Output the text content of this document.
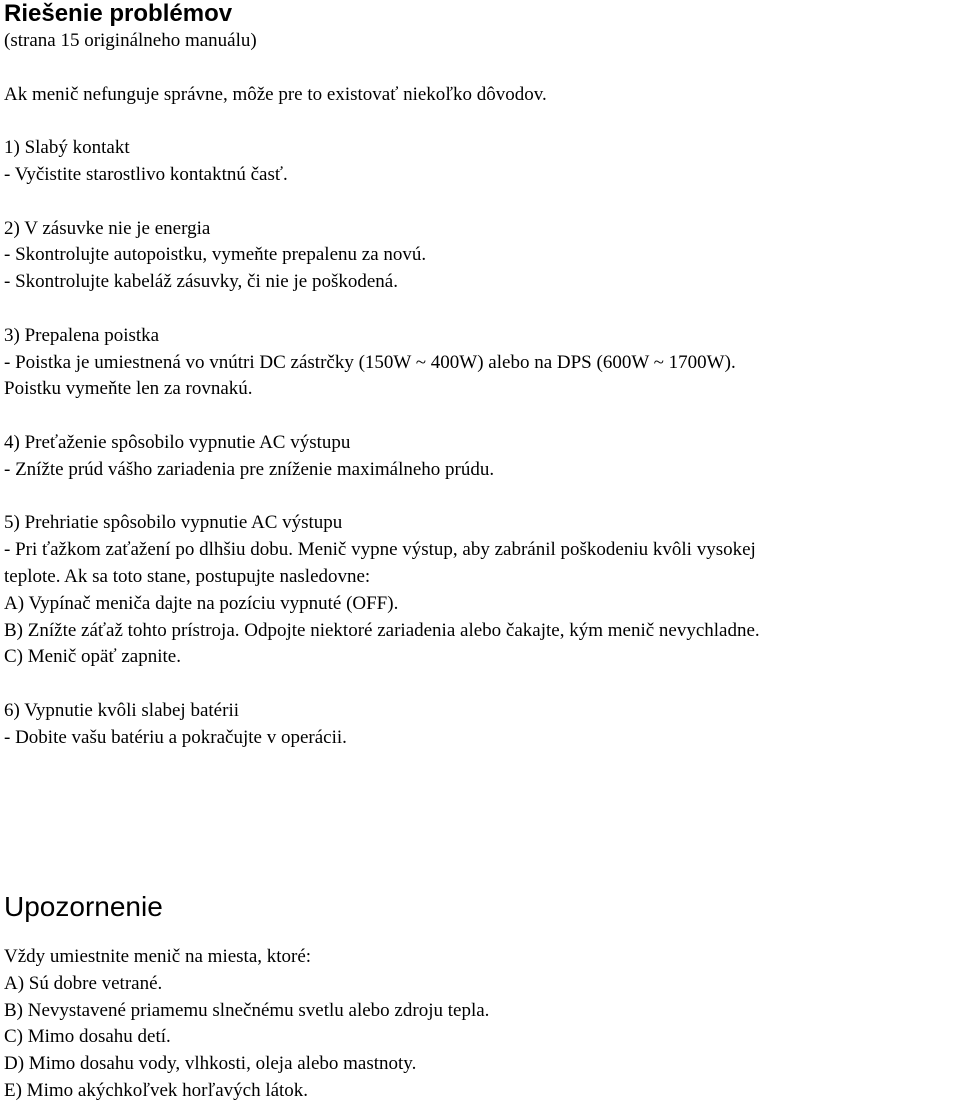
Riešenie problémov

(strana 15 originálneho manuálu)

Ak menič nefunguje správne, môže pre to existovať niekoľko dôvodov.

1) Slabý kontakt

- Vyčistite starostlivo kontaktnú časť.

2) V zásuvke nie je energia

- Skontrolujte autopoistku, vymeňte prepalenu za novú.

- Skontrolujte kabeláž zásuvky, či nie je poškodená.

3) Prepalena poistka

- Poistka je umiestnená vo vnútri DC zástrčky (150W ~ 400W) alebo na DPS (600W ~ 1700W).

Poistku vymeňte len za rovnakú.

4) Preťaženie spôsobilo vypnutie AC výstupu

- Znížte prúd vášho zariadenia pre zníženie maximálneho prúdu.

5) Prehriatie spôsobilo vypnutie AC výstupu

- Pri ťažkom zaťažení po dlhšiu dobu. Menič vypne výstup, aby zabránil poškodeniu kvôli vysokej

teplote. Ak sa toto stane, postupujte nasledovne:

A) Vypínač meniča dajte na pozíciu vypnuté (OFF).

B) Znížte záťaž tohto prístroja. Odpojte niektoré zariadenia alebo čakajte, kým menič nevychladne.

C) Menič opäť zapnite.

6) Vypnutie kvôli slabej batérii

- Dobite vašu batériu a pokračujte v operácii.

Upozornenie

Vždy umiestnite menič na miesta, ktoré:

A) Sú dobre vetrané.

B) Nevystavené priamemu slnečnému svetlu alebo zdroju tepla.

C) Mimo dosahu detí.

D) Mimo dosahu vody, vlhkosti, oleja alebo mastnoty.

E) Mimo akýchkoľvek horľavých látok.
